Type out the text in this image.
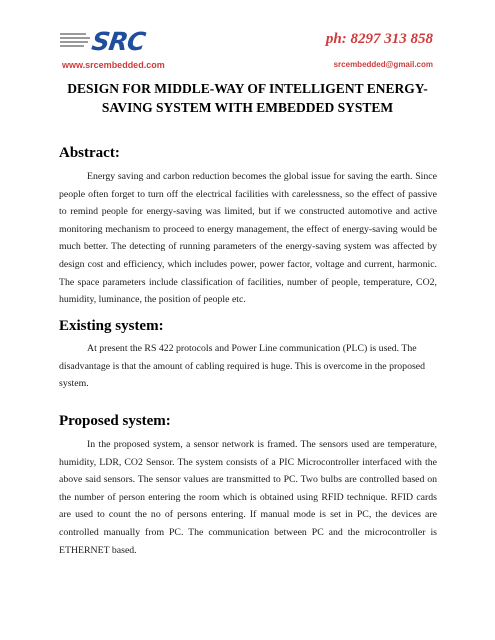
SRC	ph: 8297 313 858
www.srcembedded.com	srcembedded@gmail.com
DESIGN FOR MIDDLE-WAY OF INTELLIGENT ENERGY-
SAVING SYSTEM WITH EMBEDDED SYSTEM
Abstract:

Energy saving and carbon reduction becomes the global issue for saving the earth. Since people often forget to turn off the electrical facilities with carelessness, so the effect of passive to remind people for energy-saving was limited, but if we constructed automotive and active monitoring mechanism to proceed to energy management, the effect of energy-saving would be much better. The detecting of running parameters of the energy-saving system was affected by design cost and efficiency, which includes power, power factor, voltage and current, harmonic. The space parameters include classification of facilities, number of people, temperature, CO2, humidity, luminance, the position of people etc.

Existing system:

At present the RS 422 protocols and Power Line communication (PLC) is used. The disadvantage is that the amount of cabling required is huge. This is overcome in the proposed system.

Proposed system:

In the proposed system, a sensor network is framed. The sensors used are temperature, humidity, LDR, CO2 Sensor. The system consists of a PIC Microcontroller interfaced with the above said sensors. The sensor values are transmitted to PC. Two bulbs are controlled based on the number of person entering the room which is obtained using RFID technique. RFID cards are used to count the no of persons entering. If manual mode is set in PC, the devices are controlled manually from PC. The communication between PC and the microcontroller is ETHERNET based.
